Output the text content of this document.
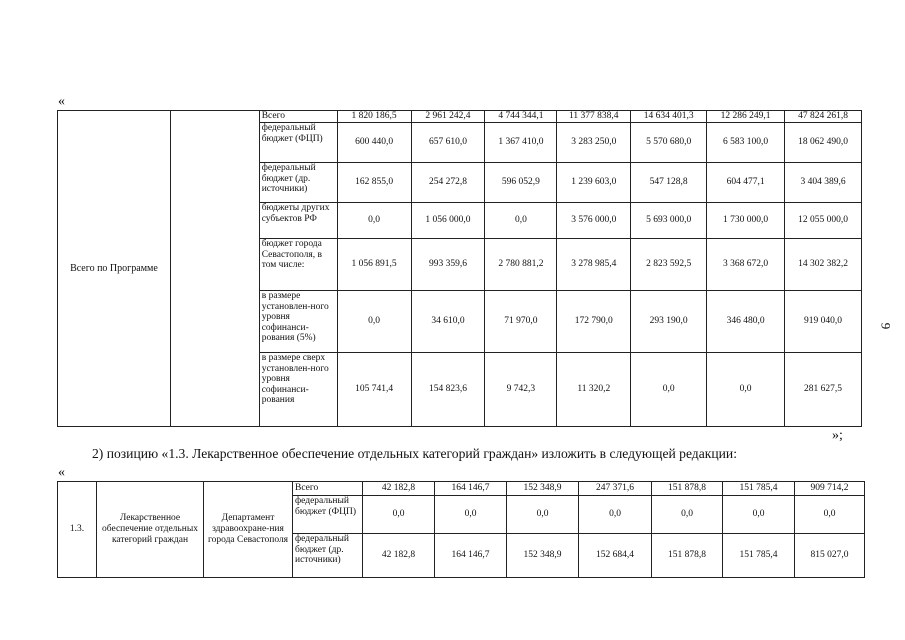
«
Всего по Программе		Всего	1 820 186,5	2 961 242,4	4 744 344,1	11 377 838,4	14 634 401,3	12 286 249,1	47 824 261,8
		федеральный бюджет (ФЦП)	600 440,0	657 610,0	1 367 410,0	3 283 250,0	5 570 680,0	6 583 100,0	18 062 490,0
		федеральный бюджет (др. источники)	162 855,0	254 272,8	596 052,9	1 239 603,0	547 128,8	604 477,1	3 404 389,6
		бюджеты других субъектов РФ	0,0	1 056 000,0	0,0	3 576 000,0	5 693 000,0	1 730 000,0	12 055 000,0
		бюджет города Севастополя, в том числе:	1 056 891,5	993 359,6	2 780 881,2	3 278 985,4	2 823 592,5	3 368 672,0	14 302 382,2
		в размере установлен-ного уровня софинанси-рования (5%)	0,0	34 610,0	71 970,0	172 790,0	293 190,0	346 480,0	919 040,0
		в размере сверх установлен-ного уровня софинанси-рования	105 741,4	154 823,6	9 742,3	11 320,2	0,0	0,0	281 627,5
»;
2) позицию «1.3. Лекарственное обеспечение отдельных категорий граждан» изложить в следующей редакции:
«
1.3.	Лекарственное обеспечение отдельных категорий граждан	Департамент здравоохране-ния города Севастополя	Всего	42 182,8	164 146,7	152 348,9	247 371,6	151 878,8	151 785,4	909 714,2
			федеральный бюджет (ФЦП)	0,0	0,0	0,0	0,0	0,0	0,0	0,0
			федеральный бюджет (др. источники)	42 182,8	164 146,7	152 348,9	152 684,4	151 878,8	151 785,4	815 027,0
9
